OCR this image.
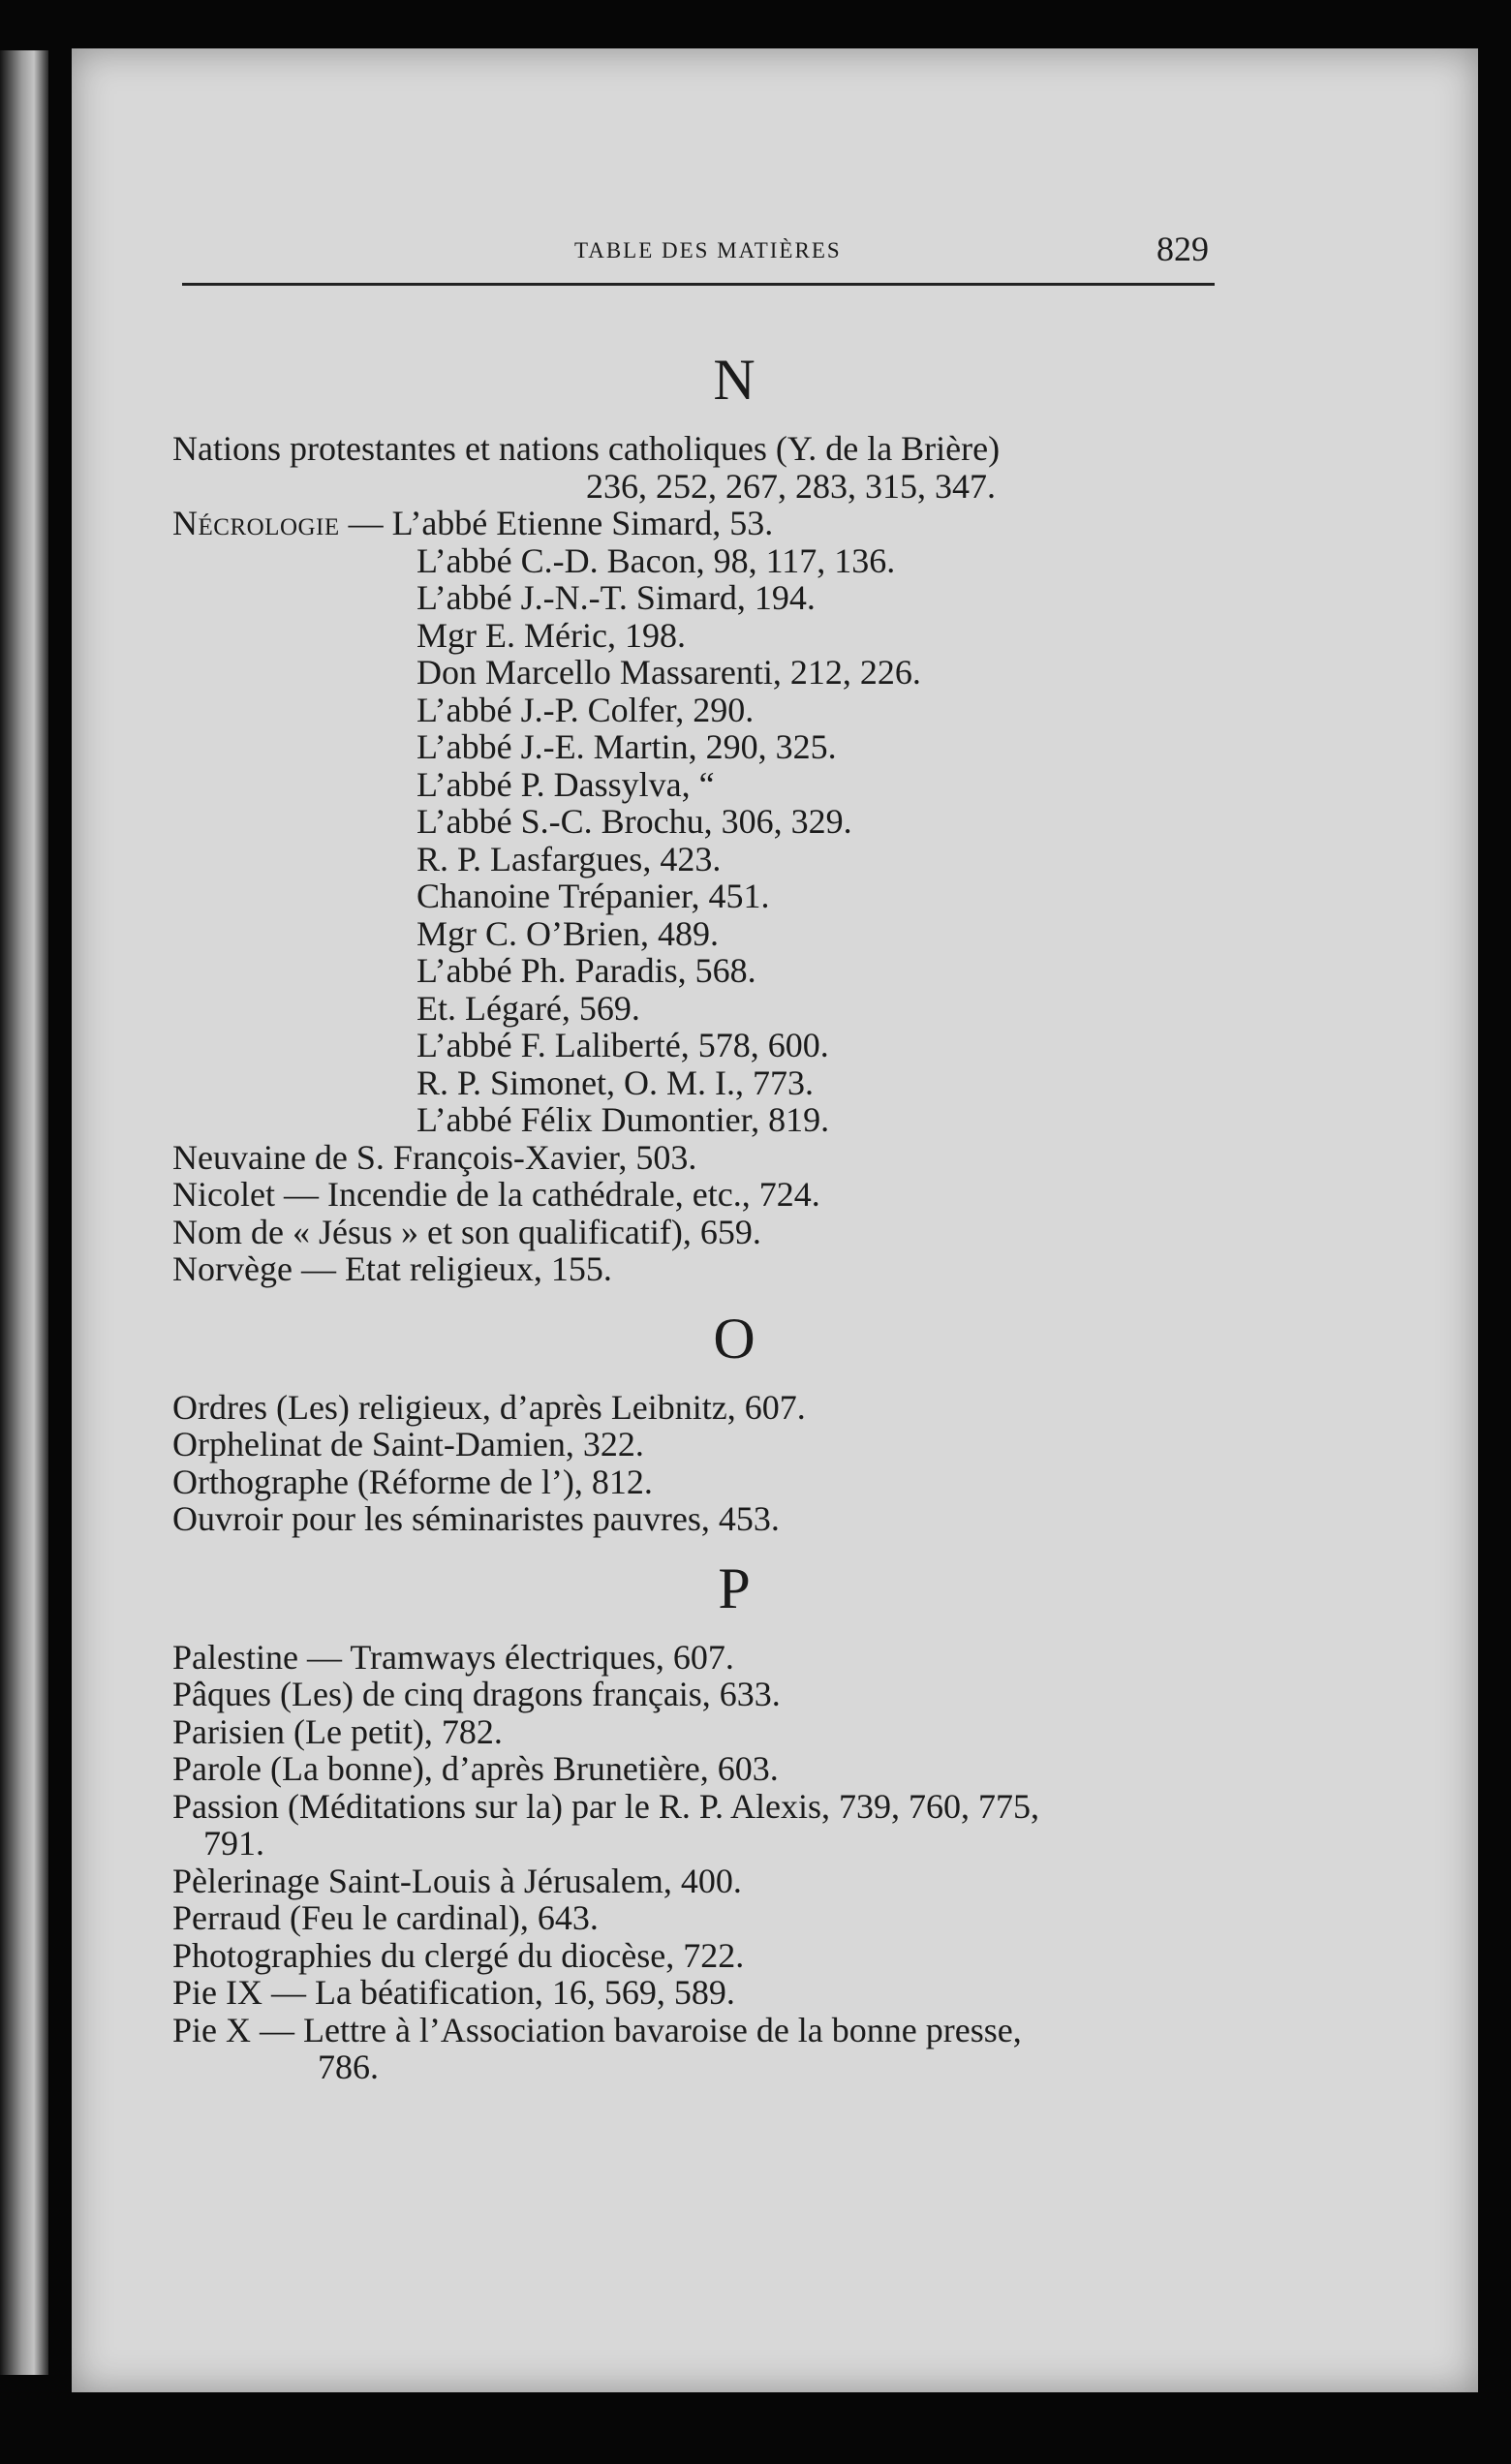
TABLE DES MATIÈRES	829
N
Nations protestantes et nations catholiques (Y. de la Brière)
236, 252, 267, 283, 315, 347.
Nécrologie — L’abbé Etienne Simard, 53.
L’abbé C.-D. Bacon, 98, 117, 136.
L’abbé J.-N.-T. Simard, 194.
Mgr E. Méric, 198.
Don Marcello Massarenti, 212, 226.
L’abbé J.-P. Colfer, 290.
L’abbé J.-E. Martin, 290, 325.
L’abbé P. Dassylva, “
L’abbé S.-C. Brochu, 306, 329.
R. P. Lasfargues, 423.
Chanoine Trépanier, 451.
Mgr C. O’Brien, 489.
L’abbé Ph. Paradis, 568.
Et. Légaré, 569.
L’abbé F. Laliberté, 578, 600.
R. P. Simonet, O. M. I., 773.
L’abbé Félix Dumontier, 819.
Neuvaine de S. François-Xavier, 503.
Nicolet — Incendie de la cathédrale, etc., 724.
Nom de « Jésus » et son qualificatif), 659.
Norvège — Etat religieux, 155.
O
Ordres (Les) religieux, d’après Leibnitz, 607.
Orphelinat de Saint-Damien, 322.
Orthographe (Réforme de l’), 812.
Ouvroir pour les séminaristes pauvres, 453.
P
Palestine — Tramways électriques, 607.
Pâques (Les) de cinq dragons français, 633.
Parisien (Le petit), 782.
Parole (La bonne), d’après Brunetière, 603.
Passion (Méditations sur la) par le R. P. Alexis, 739, 760, 775,
791.
Pèlerinage Saint-Louis à Jérusalem, 400.
Perraud (Feu le cardinal), 643.
Photographies du clergé du diocèse, 722.
Pie IX — La béatification, 16, 569, 589.
Pie X — Lettre à l’Association bavaroise de la bonne presse,
786.
